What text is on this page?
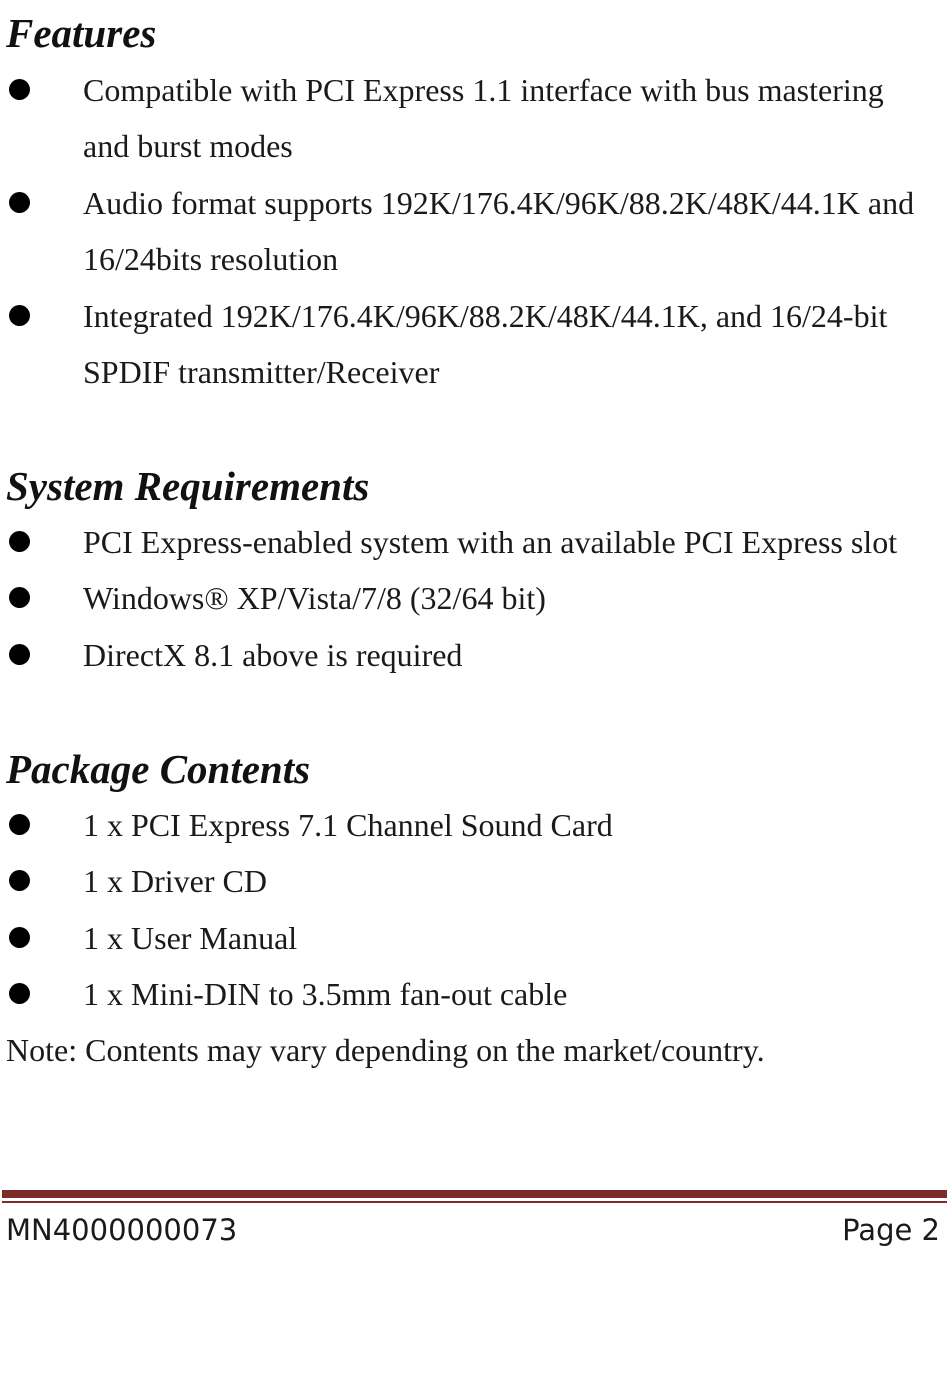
Features
Compatible with PCI Express 1.1 interface with bus mastering and burst modes
Audio format supports 192K/176.4K/96K/88.2K/48K/44.1K and 16/24bits resolution
Integrated 192K/176.4K/96K/88.2K/48K/44.1K, and 16/24-bit SPDIF transmitter/Receiver
System Requirements
PCI Express-enabled system with an available PCI Express slot
Windows® XP/Vista/7/8 (32/64 bit)
DirectX 8.1 above is required
Package Contents
1 x PCI Express 7.1 Channel Sound Card
1 x Driver CD
1 x User Manual
1 x Mini-DIN to 3.5mm fan-out cable
Note: Contents may vary depending on the market/country.
MN4000000073	Page 2
